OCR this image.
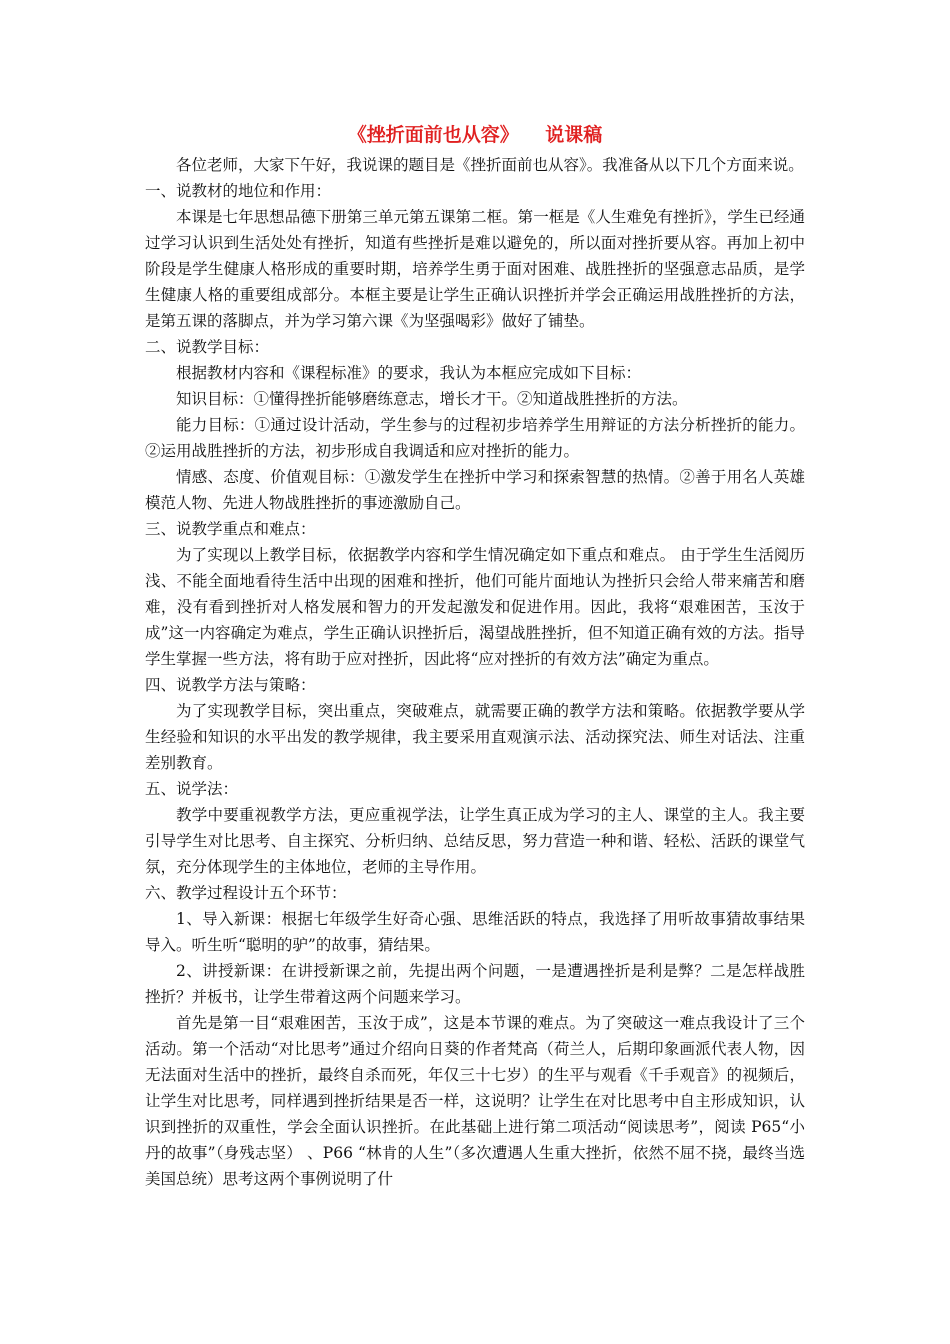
《挫折面前也从容》    说课稿

各位老师，大家下午好，我说课的题目是《挫折面前也从容》。我准备从以下几个方面来说。

一、说教材的地位和作用：

本课是七年思想品德下册第三单元第五课第二框。第一框是《人生难免有挫折》，学生已经通过学习认识到生活处处有挫折，知道有些挫折是难以避免的，所以面对挫折要从容。再加上初中阶段是学生健康人格形成的重要时期，培养学生勇于面对困难、战胜挫折的坚强意志品质，是学生健康人格的重要组成部分。本框主要是让学生正确认识挫折并学会正确运用战胜挫折的方法，是第五课的落脚点，并为学习第六课《为坚强喝彩》做好了铺垫。

二、说教学目标：

根据教材内容和《课程标准》的要求，我认为本框应完成如下目标：

知识目标：①懂得挫折能够磨练意志，增长才干。②知道战胜挫折的方法。

能力目标：①通过设计活动，学生参与的过程初步培养学生用辩证的方法分析挫折的能力。②运用战胜挫折的方法，初步形成自我调适和应对挫折的能力。

情感、态度、价值观目标：①激发学生在挫折中学习和探索智慧的热情。②善于用名人英雄模范人物、先进人物战胜挫折的事迹激励自己。

三、说教学重点和难点：

为了实现以上教学目标，依据教学内容和学生情况确定如下重点和难点。 由于学生生活阅历浅、不能全面地看待生活中出现的困难和挫折，他们可能片面地认为挫折只会给人带来痛苦和磨难，没有看到挫折对人格发展和智力的开发起激发和促进作用。因此，我将“艰难困苦，玉汝于成”这一内容确定为难点，学生正确认识挫折后，渴望战胜挫折，但不知道正确有效的方法。指导学生掌握一些方法，将有助于应对挫折，因此将“应对挫折的有效方法”确定为重点。

四、说教学方法与策略：

为了实现教学目标，突出重点，突破难点，就需要正确的教学方法和策略。依据教学要从学生经验和知识的水平出发的教学规律，我主要采用直观演示法、活动探究法、师生对话法、注重差别教育。

五、说学法：

教学中要重视教学方法，更应重视学法，让学生真正成为学习的主人、课堂的主人。我主要引导学生对比思考、自主探究、分析归纳、总结反思，努力营造一种和谐、轻松、活跃的课堂气氛，充分体现学生的主体地位，老师的主导作用。

六、教学过程设计五个环节：

1、导入新课：根据七年级学生好奇心强、思维活跃的特点，我选择了用听故事猜故事结果导入。听生听“聪明的驴”的故事，猜结果。

2、讲授新课：在讲授新课之前，先提出两个问题，一是遭遇挫折是利是弊？二是怎样战胜挫折？并板书，让学生带着这两个问题来学习。

首先是第一目“艰难困苦，玉汝于成”，这是本节课的难点。为了突破这一难点我设计了三个活动。第一个活动“对比思考”通过介绍向日葵的作者梵高（荷兰人，后期印象画派代表人物，因无法面对生活中的挫折，最终自杀而死，年仅三十七岁）的生平与观看《千手观音》的视频后，让学生对比思考，同样遇到挫折结果是否一样，这说明？让学生在对比思考中自主形成知识，认识到挫折的双重性，学会全面认识挫折。在此基础上进行第二项活动“阅读思考”，阅读 P65“小丹的故事”（身残志坚） 、P66 “林肯的人生”（多次遭遇人生重大挫折，依然不屈不挠，最终当选美国总统）思考这两个事例说明了什
